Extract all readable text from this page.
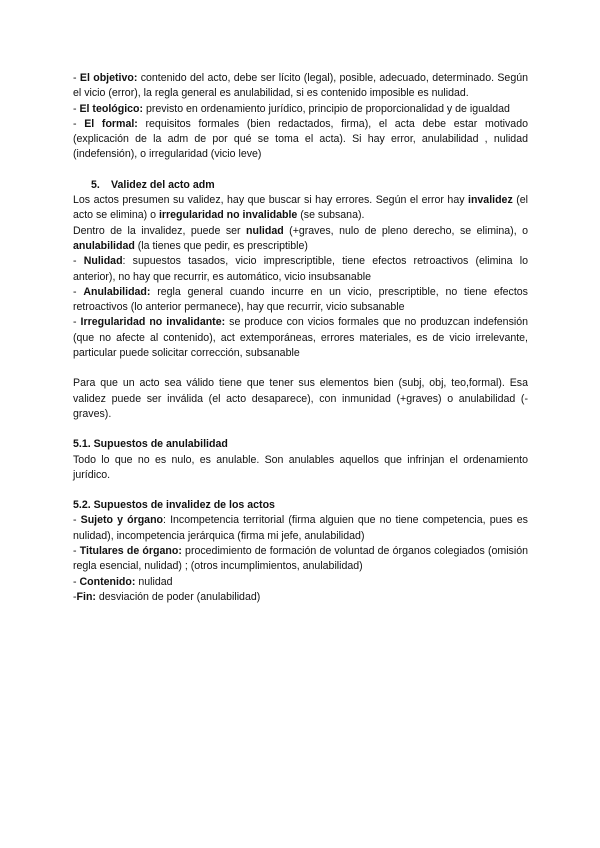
- El objetivo: contenido del acto, debe ser lícito (legal), posible, adecuado, determinado. Según el vicio (error), la regla general es anulabilidad, si es contenido imposible es nulidad.

- El teológico: previsto en ordenamiento jurídico, principio de proporcionalidad y de igualdad

- El formal: requisitos formales (bien redactados, firma), el acta debe estar motivado (explicación de la adm de por qué se toma el acta). Si hay error, anulabilidad , nulidad (indefensión), o irregularidad (vicio leve)

5. Validez del acto adm

Los actos presumen su validez, hay que buscar si hay errores. Según el error hay invalidez (el acto se elimina) o irregularidad no invalidable (se subsana).

Dentro de la invalidez, puede ser nulidad (+graves, nulo de pleno derecho, se elimina), o anulabilidad (la tienes que pedir, es prescriptible)

- Nulidad: supuestos tasados, vicio imprescriptible, tiene efectos retroactivos (elimina lo anterior), no hay que recurrir, es automático, vicio insubsanable

- Anulabilidad: regla general cuando incurre en un vicio, prescriptible, no tiene efectos retroactivos (lo anterior permanece), hay que recurrir, vicio subsanable

- Irregularidad no invalidante: se produce con vicios formales que no produzcan indefensión (que no afecte al contenido), act extemporáneas, errores materiales, es de vicio irrelevante, particular puede solicitar corrección, subsanable

Para que un acto sea válido tiene que tener sus elementos bien (subj, obj, teo,formal). Esa validez puede ser inválida (el acto desaparece), con inmunidad (+graves) o anulabilidad (-graves).

5.1. Supuestos de anulabilidad

Todo lo que no es nulo, es anulable. Son anulables aquellos que infrinjan el ordenamiento jurídico.

5.2. Supuestos de invalidez de los actos

- Sujeto y órgano: Incompetencia territorial (firma alguien que no tiene competencia, pues es nulidad), incompetencia jerárquica (firma mi jefe, anulabilidad)

- Titulares de órgano: procedimiento de formación de voluntad de órganos colegiados (omisión regla esencial, nulidad) ; (otros incumplimientos, anulabilidad)

- Contenido: nulidad

-Fin: desviación de poder (anulabilidad)
